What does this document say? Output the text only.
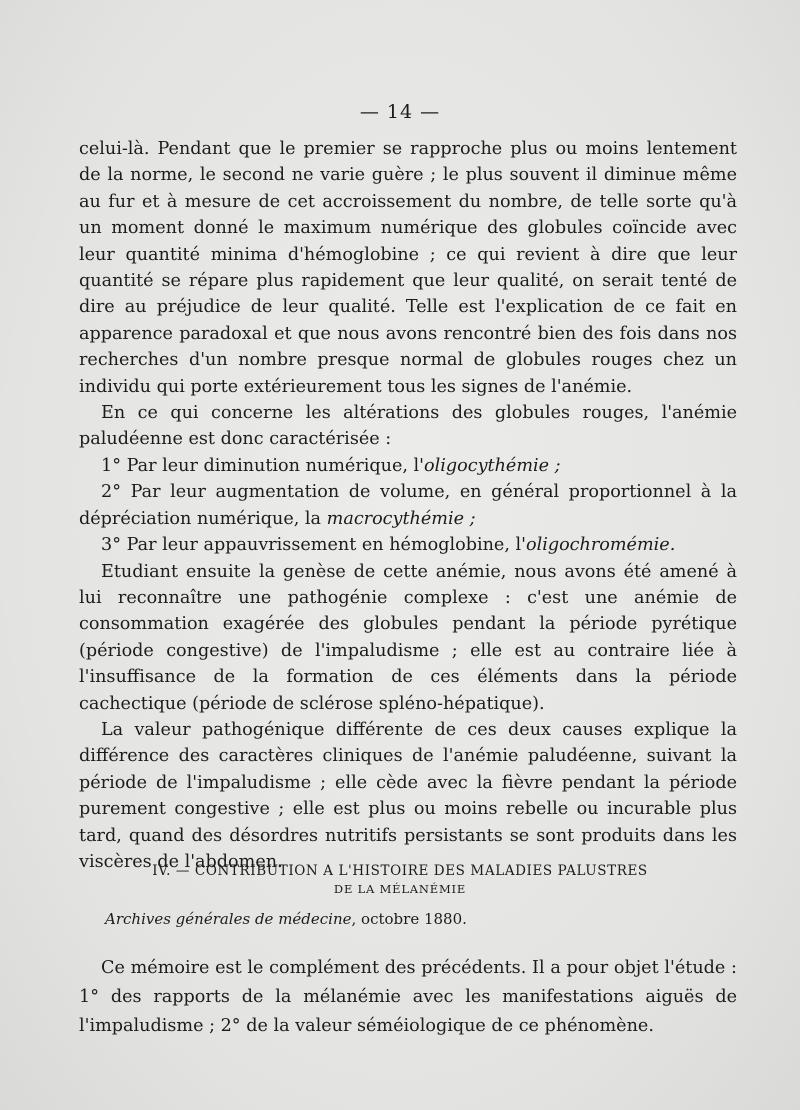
— 14 —

celui-là. Pendant que le premier se rapproche plus ou moins lentement de la norme, le second ne varie guère ; le plus souvent il diminue même au fur et à mesure de cet accroissement du nombre, de telle sorte qu'à un moment donné le maximum numérique des globules coïncide avec leur quantité minima d'hémoglobine ; ce qui revient à dire que leur quantité se répare plus rapidement que leur qualité, on serait tenté de dire au préjudice de leur qualité. Telle est l'explication de ce fait en apparence paradoxal et que nous avons rencontré bien des fois dans nos recherches d'un nombre presque normal de globules rouges chez un individu qui porte extérieurement tous les signes de l'anémie.

En ce qui concerne les altérations des globules rouges, l'anémie paludéenne est donc caractérisée :

1° Par leur diminution numérique, l'oligocythémie ;

2° Par leur augmentation de volume, en général proportionnel à la dépréciation numérique, la macrocythémie ;

3° Par leur appauvrissement en hémoglobine, l'oligochromémie.

Etudiant ensuite la genèse de cette anémie, nous avons été amené à lui reconnaître une pathogénie complexe : c'est une anémie de consommation exagérée des globules pendant la période pyrétique (période congestive) de l'impaludisme ; elle est au contraire liée à l'insuffisance de la formation de ces éléments dans la période cachectique (période de sclérose spléno-hépatique).

La valeur pathogénique différente de ces deux causes explique la différence des caractères cliniques de l'anémie paludéenne, suivant la période de l'impaludisme ; elle cède avec la fièvre pendant la période purement congestive ; elle est plus ou moins rebelle ou incurable plus tard, quand des désordres nutritifs persistants se sont produits dans les viscères de l'abdomen.

IV. — CONTRIBUTION A L'HISTOIRE DES MALADIES PALUSTRES
DE LA MÉLANÉMIE
Archives générales de médecine, octobre 1880.

Ce mémoire est le complément des précédents. Il a pour objet l'étude : 1° des rapports de la mélanémie avec les manifestations aiguës de l'impaludisme ; 2° de la valeur séméiologique de ce phénomène.
